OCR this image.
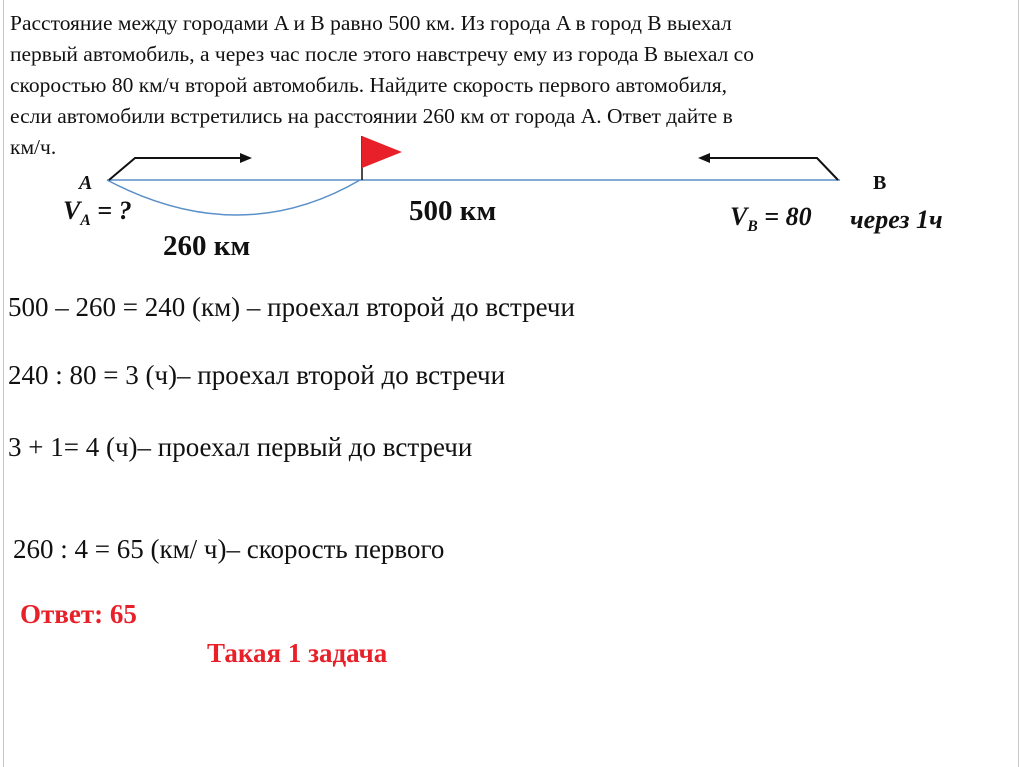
Расстояние между городами A и B равно 500 км. Из города A в город B выехал
первый автомобиль, а через час после этого навстречу ему из города B выехал со
скоростью 80 км/ч второй автомобиль. Найдите скорость первого автомобиля,
если автомобили встретились на расстоянии 260 км от города A. Ответ дайте в
км/ч.
A	B
$V_A$ = ?	$V_B = 80$ через 1ч
500 км
260 км
500 – 260 = 240 (км) – проехал второй до встречи
240 : 80 = 3 (ч)– проехал второй до встречи
3 + 1= 4 (ч)– проехал первый до встречи
260 : 4 = 65 (км/ ч)– скорость первого
Ответ: 65
Такая 1 задача
